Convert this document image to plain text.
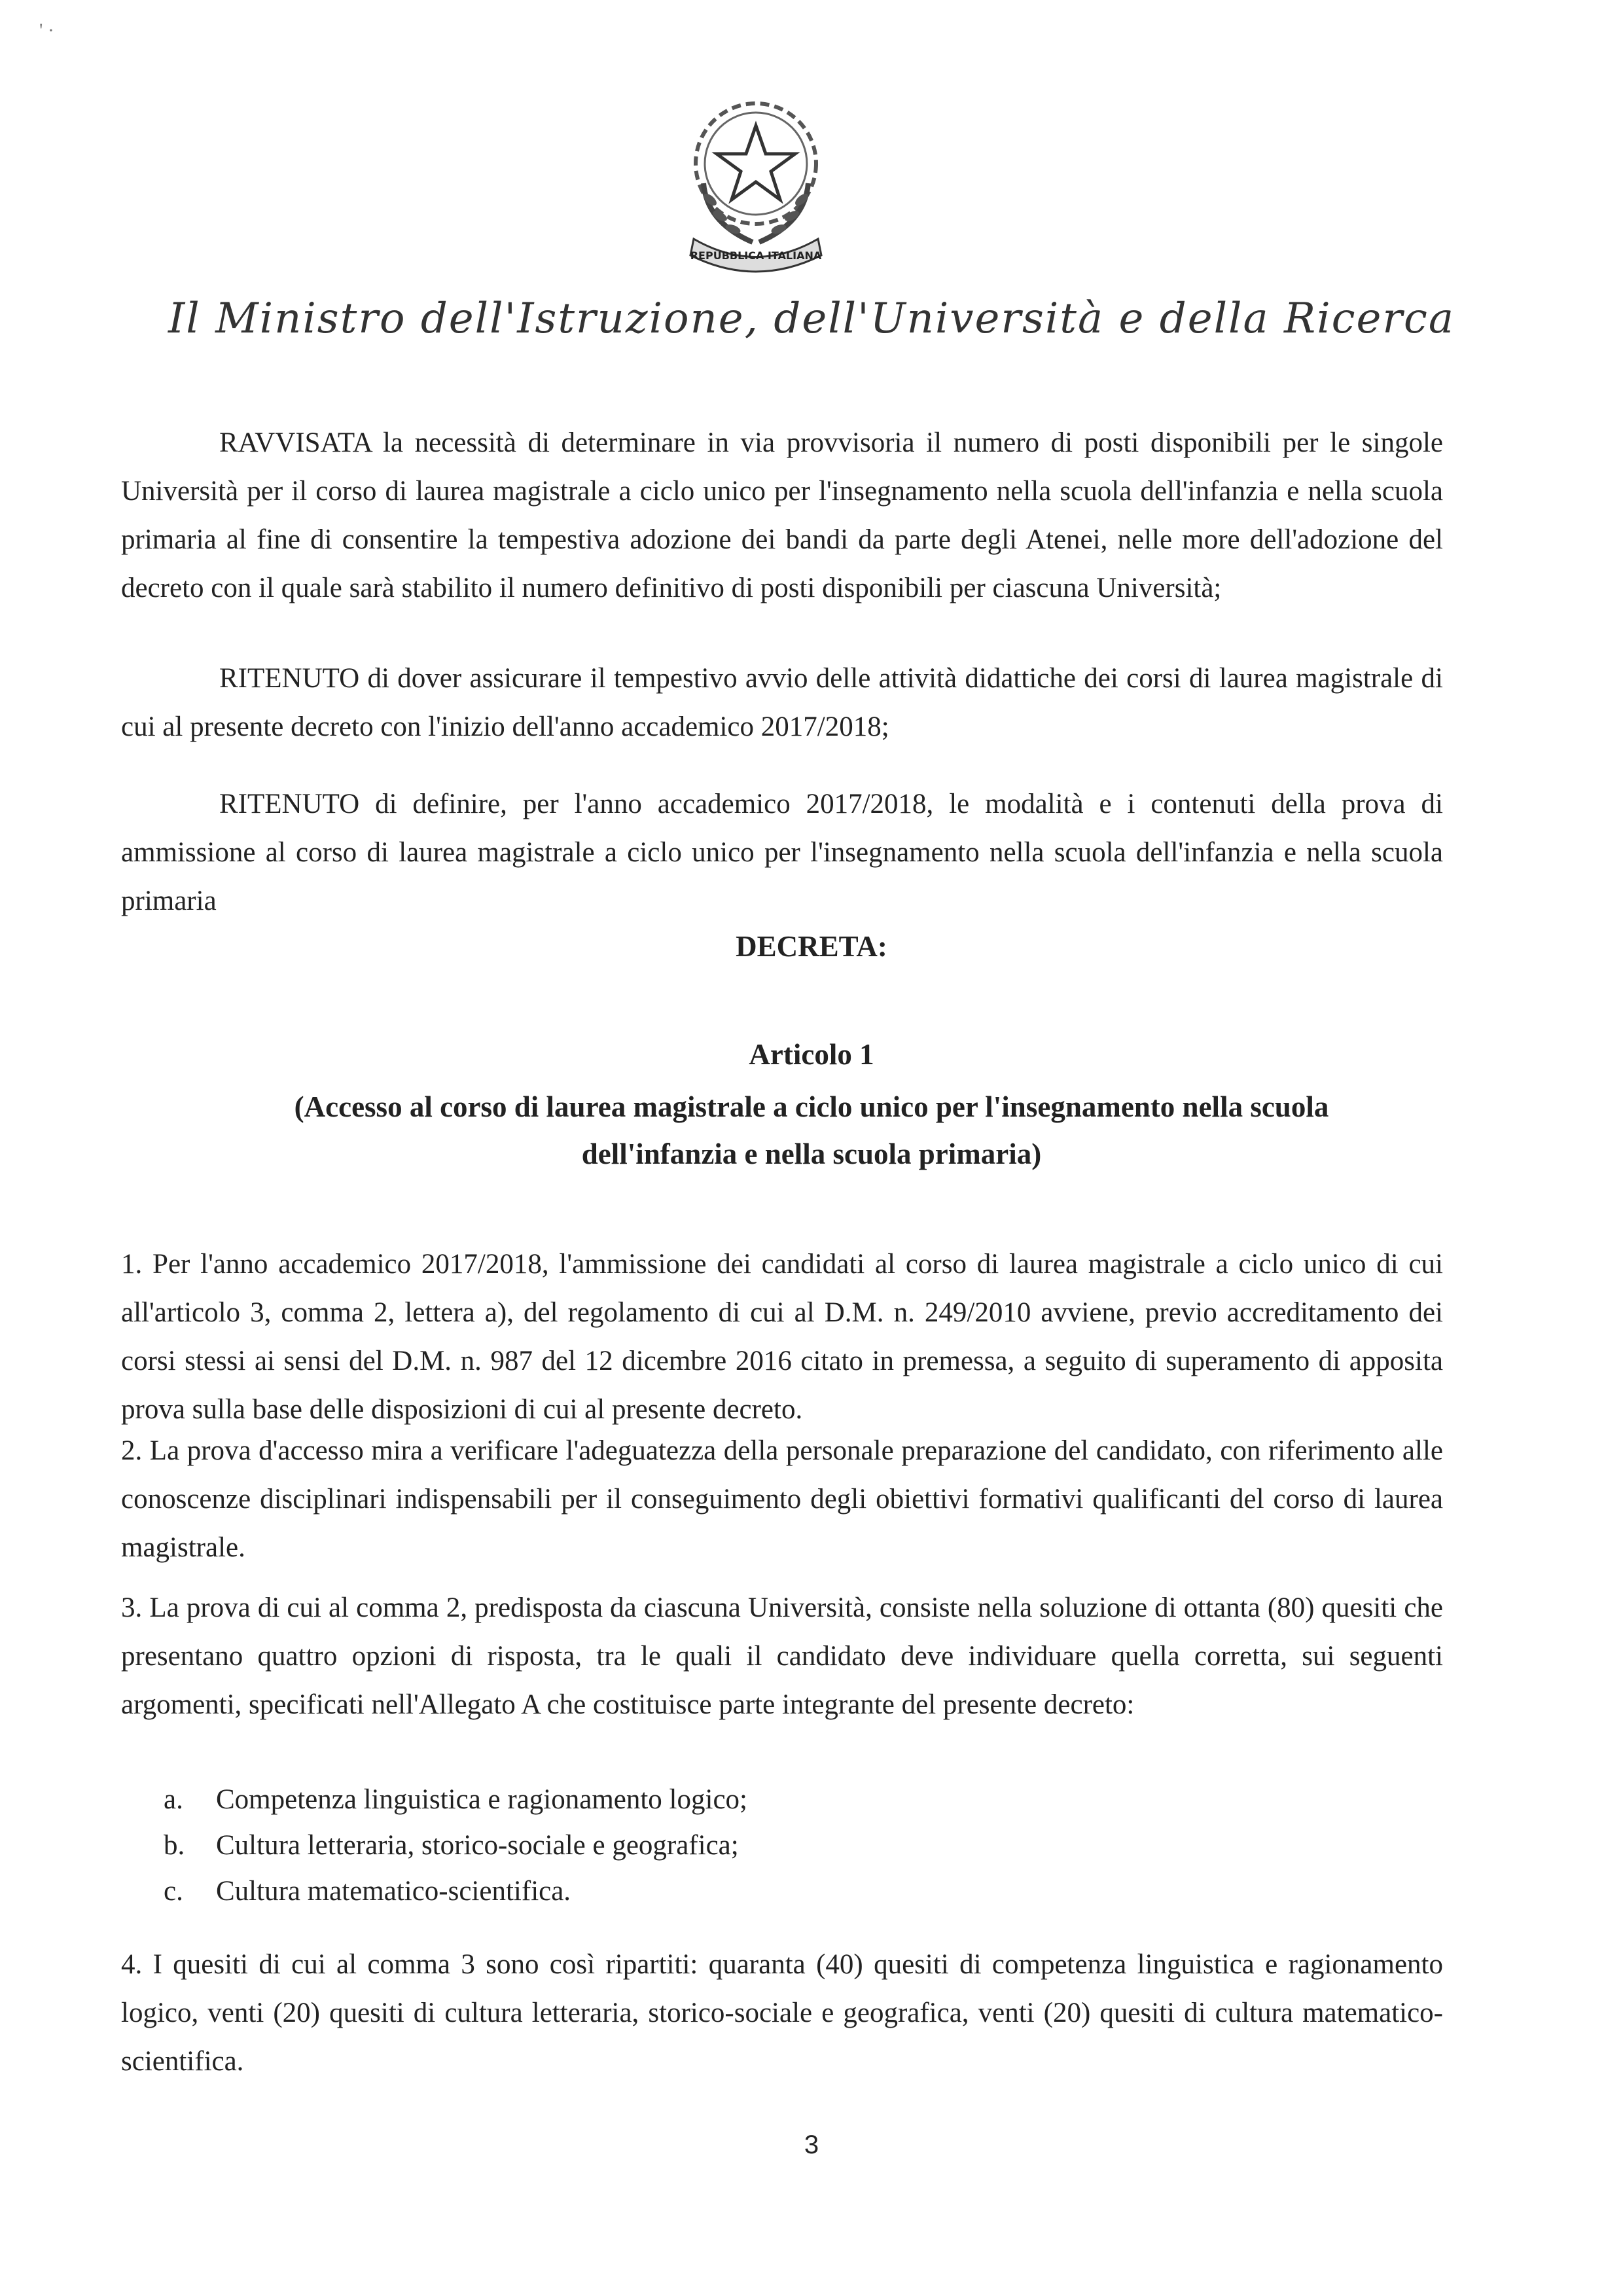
' ·
REPUBBLICA ITALIANA
Il Ministro dell'Istruzione, dell'Università e della Ricerca
RAVVISATA la necessità di determinare in via provvisoria il numero di posti disponibili per le singole Università per il corso di laurea magistrale a ciclo unico per l'insegnamento nella scuola dell'infanzia e nella scuola primaria al fine di consentire la tempestiva adozione dei bandi da parte degli Atenei, nelle more dell'adozione del decreto con il quale sarà stabilito il numero definitivo di posti disponibili per ciascuna Università;
RITENUTO di dover assicurare il tempestivo avvio delle attività didattiche dei corsi di laurea magistrale di cui al presente decreto con l'inizio dell'anno accademico 2017/2018;
RITENUTO di definire, per l'anno accademico 2017/2018, le modalità e i contenuti della prova di ammissione al corso di laurea magistrale a ciclo unico per l'insegnamento nella scuola dell'infanzia e nella scuola primaria
DECRETA:
Articolo 1
(Accesso al corso di laurea magistrale a ciclo unico per l'insegnamento nella scuola dell'infanzia e nella scuola primaria)
1. Per l'anno accademico 2017/2018, l'ammissione dei candidati al corso di laurea magistrale a ciclo unico di cui all'articolo 3, comma 2, lettera a), del regolamento di cui al D.M. n. 249/2010 avviene, previo accreditamento dei corsi stessi ai sensi del D.M. n. 987 del 12 dicembre 2016 citato in premessa, a seguito di superamento di apposita prova sulla base delle disposizioni di cui al presente decreto.
2. La prova d'accesso mira a verificare l'adeguatezza della personale preparazione del candidato, con riferimento alle conoscenze disciplinari indispensabili per il conseguimento degli obiettivi formativi qualificanti del corso di laurea magistrale.
3. La prova di cui al comma 2, predisposta da ciascuna Università, consiste nella soluzione di ottanta (80) quesiti che presentano quattro opzioni di risposta, tra le quali il candidato deve individuare quella corretta, sui seguenti argomenti, specificati nell'Allegato A che costituisce parte integrante del presente decreto:
a.	Competenza linguistica e ragionamento logico;
b.	Cultura letteraria, storico-sociale e geografica;
c.	Cultura matematico-scientifica.
4. I quesiti di cui al comma 3 sono così ripartiti: quaranta (40) quesiti di competenza linguistica e ragionamento logico, venti (20) quesiti di cultura letteraria, storico-sociale e geografica, venti (20) quesiti di cultura matematico-scientifica.
3
